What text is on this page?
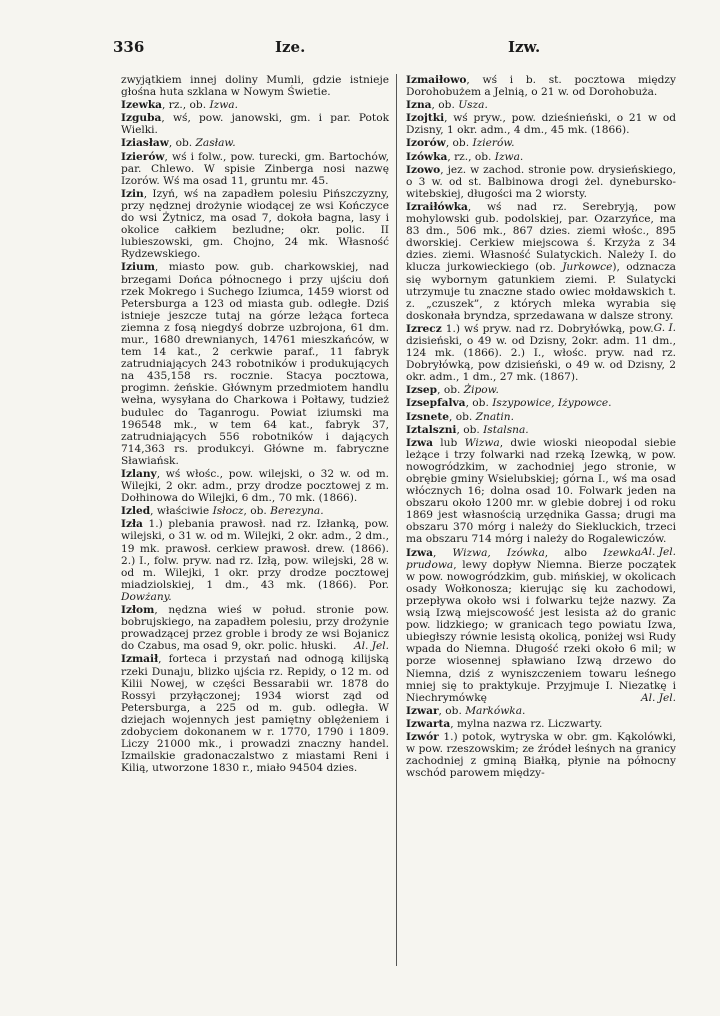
336	Ize.	Izw.

zwyjątkiem innej doliny Mumli, gdzie istnieje głośna huta szklana w Nowym Świetie.

Izewka, rz., ob. Izwa.

Izguba, wś, pow. janowski, gm. i par. Potok Wielki.

Iziasław, ob. Zasław.

Izierów, wś i folw., pow. turecki, gm. Bartochów, par. Chlewo. W spisie Zinberga nosi nazwę Izorów. Wś ma osad 11, gruntu mr. 45.

Izin, Izyń, wś na zapadłem polesiu Pińszczyzny, przy nędznej drożynie wiodącej ze wsi Kończyce do wsi Żytnicz, ma osad 7, dokoła bagna, lasy i okolice całkiem bezludne; okr. polic. II lubieszowski, gm. Chojno, 24 mk. Własność Rydzewskiego.

Izium, miasto pow. gub. charkowskiej, nad brzegami Dońca północnego i przy ujściu doń rzek Mokrego i Suchego Iziumca, 1459 wiorst od Petersburga a 123 od miasta gub. odległe. Dziś istnieje jeszcze tutaj na górze leżąca forteca ziemna z fosą niegdyś dobrze uzbrojona, 61 dm. mur., 1680 drewnianych, 14761 mieszkańców, w tem 14 kat., 2 cerkwie paraf., 11 fabryk zatrudniających 243 robotników i produkujących na 435,158 rs. rocznie. Stacya pocztowa, progimn. żeńskie. Głównym przedmiotem handlu wełna, wysyłana do Charkowa i Połtawy, tudzież budulec do Taganrogu. Powiat iziumski ma 196548 mk., w tem 64 kat., fabryk 37, zatrudniających 556 robotników i dających 714,363 rs. produkcyi. Główne m. fabryczne Sławiańsk.

Izlany, wś włośc., pow. wilejski, o 32 w. od m. Wilejki, 2 okr. adm., przy drodze pocztowej z m. Dołhinowa do Wilejki, 6 dm., 70 mk. (1866).

Izled, właściwie Isłocz, ob. Berezyna.

Izła 1.) plebania prawosł. nad rz. Izłanką, pow. wilejski, o 31 w. od m. Wilejki, 2 okr. adm., 2 dm., 19 mk. prawosł. cerkiew prawosł. drew. (1866). 2.) I., folw. pryw. nad rz. Izłą, pow. wilejski, 28 w. od m. Wilejki, 1 okr. przy drodze pocztowej miadziolskiej, 1 dm., 43 mk. (1866). Por. Dowżany.

Izłom, nędzna wieś w połud. stronie pow. bobrujskiego, na zapadłem polesiu, przy drożynie prowadzącej przez groble i brody ze wsi Bojanicz do Czabus, ma osad 9, okr. polic. hłuski. Al. Jel.

Izmaił, forteca i przystań nad odnogą kilijską rzeki Dunaju, blizko ujścia rz. Repidy, o 12 m. od Kilii Nowej, w części Bessarabii wr. 1878 do Rossyi przyłączonej; 1934 wiorst ząd od Petersburga, a 225 od m. gub. odległa. W dziejach wojennych jest pamiętny oblężeniem i zdobyciem dokonanem w r. 1770, 1790 i 1809. Liczy 21000 mk., i prowadzi znaczny handel. Izmailskie gradonaczalstwo z miastami Reni i Kilią, utworzone 1830 r., miało 94504 dzies.

Izmaiłowo, wś i b. st. pocztowa między Dorohobużem a Jelnią, o 21 w. od Dorohobuża.

Izna, ob. Usza.

Izojtki, wś pryw., pow. dzieśnieński, o 21 w od Dzisny, 1 okr. adm., 4 dm., 45 mk. (1866).

Izorów, ob. Izierów.

Izówka, rz., ob. Izwa.

Izowo, jez. w zachod. stronie pow. drysieńskiego, o 3 w. od st. Balbinowa drogi żel. dynebursko-witebskiej, długości ma 2 wiorsty.

Izraiłówka, wś nad rz. Serebryją, pow mohylowski gub. podolskiej, par. Ozarzyńce, ma 83 dm., 506 mk., 867 dzies. ziemi włośc., 895 dworskiej. Cerkiew miejscowa ś. Krzyża z 34 dzies. ziemi. Własność Sulatyckich. Należy I. do klucza jurkowieckiego (ob. Jurkowce), odznacza się wybornym gatunkiem ziemi. P. Sulatycki utrzymuje tu znaczne stado owiec mołdawskich t. z. „czuszek”, z których mleka wyrabia się doskonała bryndza, sprzedawana w dalsze strony.
G. I.

Izrecz 1.) wś pryw. nad rz. Dobryłówką, pow. dzisieński, o 49 w. od Dzisny, 2okr. adm. 11 dm., 124 mk. (1866). 2.) I., włośc. pryw. nad rz. Dobryłówką, pow dzisieński, o 49 w. od Dzisny, 2 okr. adm., 1 dm., 27 mk. (1867).

Izsep, ob. Żipow.

Izsepfalva, ob. Iszypowice, Iżypowce.

Izsnete, ob. Znatin.

Iztalszni, ob. Istalsna.

Izwa lub Wizwa, dwie wioski nieopodal siebie leżące i trzy folwarki nad rzeką Izewką, w pow. nowogródzkim, w zachodniej jego stronie, w obrębie gminy Wsielubskiej; górna I., wś ma osad włócznych 16; dolna osad 10. Folwark jeden na obszaru około 1200 mr. w glebie dobrej i od roku 1869 jest własnością urzędnika Gassa; drugi ma obszaru 370 mórg i należy do Siekluckich, trzeci ma obszaru 714 mórg i należy do Rogalewiczów.
Al. Jel.

Izwa, Wizwa, Izówka, albo Izewka prudowa, lewy dopływ Niemna. Bierze początek w pow. nowogródzkim, gub. mińskiej, w okolicach osady Wołkonosza; kierując się ku zachodowi, przepływa około wsi i folwarku tejże nazwy. Za wsią Izwą miejscowość jest lesista aż do granic pow. lidzkiego; w granicach tego powiatu Izwa, ubiegłszy równie lesistą okolicą, poniżej wsi Rudy wpada do Niemna. Długość rzeki około 6 mil; w porze wiosennej spławiano Izwą drzewo do Niemna, dziś z wyniszczeniem towaru leśnego mniej się to praktykuje. Przyjmuje I. Niezatkę i Niechrymówkę	Al. Jel.

Izwar, ob. Markówka.

Izwarta, mylna nazwa rz. Liczwarty.

Izwór 1.) potok, wytryska w obr. gm. Kąkolówki, w pow. rzeszowskim; ze źródeł leśnych na granicy zachodniej z gminą Białką, płynie na północny wschód parowem między-
